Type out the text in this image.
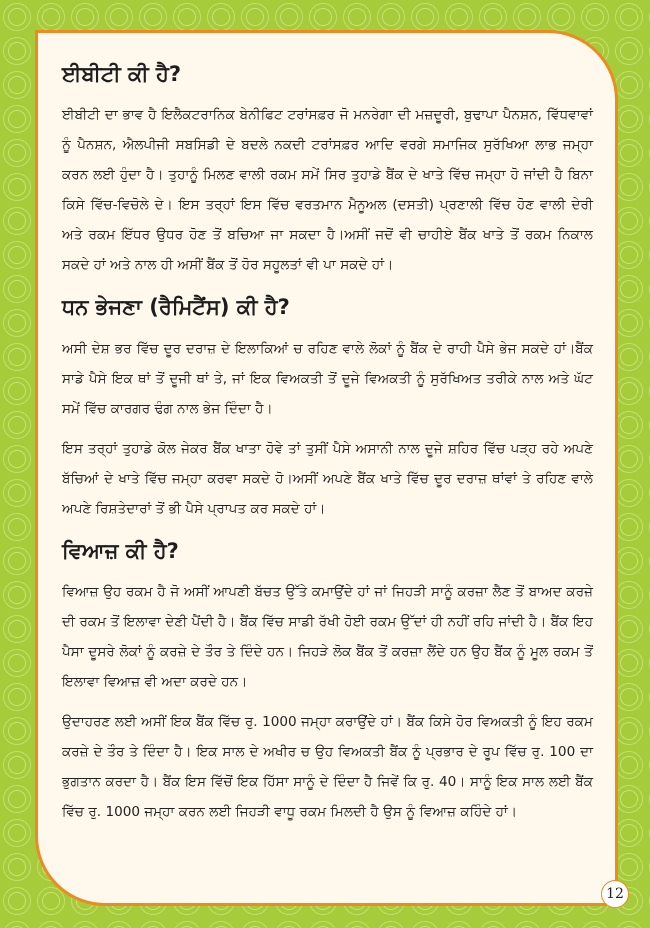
ਈਬੀਟੀ ਕੀ ਹੈ?

ਈਬੀਟੀ ਦਾ ਭਾਵ ਹੈ ਇਲੈਕਟਰਾਨਿਕ ਬੇਨੀਫਿਟ ਟਰਾਂਸਫ਼ਰ ਜੋ ਮਨਰੇਗਾ ਦੀ ਮਜ਼ਦੂਰੀ, ਬੁਢਾਪਾ ਪੈਨਸ਼ਨ, ਵਿੱਧਵਾਵਾਂ ਨੂੰ ਪੈਨਸ਼ਨ, ਐਲਪੀਜੀ ਸਬਸਿਡੀ ਦੇ ਬਦਲੇ ਨਕਦੀ ਟਰਾਂਸਫ਼ਰ ਆਦਿ ਵਰਗੇ ਸਮਾਜਿਕ ਸੁਰੱਖਿਆ ਲਾਭ ਜਮ੍ਹਾ ਕਰਨ ਲਈ ਹੁੰਦਾ ਹੈ। ਤੁਹਾਨੂੰ ਮਿਲਣ ਵਾਲੀ ਰਕਮ ਸਮੇਂ ਸਿਰ ਤੁਹਾਡੇ ਬੈਂਕ ਦੇ ਖਾਤੇ ਵਿੱਚ ਜਮ੍ਹਾ ਹੋ ਜਾਂਦੀ ਹੈ ਬਿਨਾ ਕਿਸੇ ਵਿੱਚ-ਵਿਚੋਲੇ ਦੇ। ਇਸ ਤਰ੍ਹਾਂ ਇਸ ਵਿੱਚ ਵਰਤਮਾਨ ਮੈਨੂਅਲ (ਦਸਤੀ) ਪ੍ਰਣਾਲੀ ਵਿੱਚ ਹੋਣ ਵਾਲੀ ਦੇਰੀ ਅਤੇ ਰਕਮ ਇੱਧਰ ਉਧਰ ਹੋਣ ਤੋਂ ਬਚਿਆ ਜਾ ਸਕਦਾ ਹੈ।ਅਸੀਂ ਜਦੋਂ ਵੀ ਚਾਹੀਏ ਬੈਂਕ ਖਾਤੇ ਤੋਂ ਰਕਮ ਨਿਕਾਲ ਸਕਦੇ ਹਾਂ ਅਤੇ ਨਾਲ ਹੀ ਅਸੀਂ ਬੈਂਕ ਤੋਂ ਹੋਰ ਸਹੂਲਤਾਂ ਵੀ ਪਾ ਸਕਦੇ ਹਾਂ।

ਧਨ ਭੇਜਣਾ (ਰੈਮਿਟੈਂਸ) ਕੀ ਹੈ?

ਅਸੀ ਦੇਸ਼ ਭਰ ਵਿੱਚ ਦੂਰ ਦਰਾਜ਼ ਦੇ ਇਲਾਕਿਆਂ ਚ ਰਹਿਣ ਵਾਲੇ ਲੋਕਾਂ ਨੂੰ ਬੈਂਕ ਦੇ ਰਾਹੀ ਪੈਸੇ ਭੇਜ ਸਕਦੇ ਹਾਂ।ਬੈਂਕ ਸਾਡੇ ਪੈਸੇ ਇਕ ਥਾਂ ਤੋਂ ਦੂਜੀ ਥਾਂ ਤੇ, ਜਾਂ ਇਕ ਵਿਅਕਤੀ ਤੋਂ ਦੂਜੇ ਵਿਅਕਤੀ ਨੂੰ ਸੁਰੱਖਿਅਤ ਤਰੀਕੇ ਨਾਲ ਅਤੇ ਘੱਟ ਸਮੇਂ ਵਿੱਚ ਕਾਰਗਰ ਢੰਗ ਨਾਲ ਭੇਜ ਦਿੰਦਾ ਹੈ।

ਇਸ ਤਰ੍ਹਾਂ ਤੁਹਾਡੇ ਕੋਲ ਜੇਕਰ ਬੈਂਕ ਖਾਤਾ ਹੋਵੇ ਤਾਂ ਤੁਸੀਂ ਪੈਸੇ ਅਸਾਨੀ ਨਾਲ ਦੂਜੇ ਸ਼ਹਿਰ ਵਿੱਚ ਪੜ੍ਹ ਰਹੇ ਅਪਣੇ ਬੱਚਿਆਂ ਦੇ ਖਾਤੇ ਵਿੱਚ ਜਮ੍ਹਾ ਕਰਵਾ ਸਕਦੇ ਹੋ।ਅਸੀਂ ਅਪਣੇ ਬੈਂਕ ਖਾਤੇ ਵਿੱਚ ਦੂਰ ਦਰਾਜ਼ ਥਾਂਵਾਂ ਤੇ ਰਹਿਣ ਵਾਲੇ ਅਪਣੇ ਰਿਸ਼ਤੇਦਾਰਾਂ ਤੋਂ ਭੀ ਪੈਸੇ ਪ੍ਰਾਪਤ ਕਰ ਸਕਦੇ ਹਾਂ।

ਵਿਆਜ਼ ਕੀ ਹੈ?

ਵਿਆਜ਼ ਉਹ ਰਕਮ ਹੈ ਜੋ ਅਸੀਂ ਆਪਣੀ ਬੱਚਤ ਉੱਤੇ ਕਮਾਉਂਦੇ ਹਾਂ ਜਾਂ ਜਿਹੜੀ ਸਾਨੂੰ ਕਰਜ਼ਾ ਲੈਣ ਤੋਂ ਬਾਅਦ ਕਰਜ਼ੇ ਦੀ ਰਕਮ ਤੋਂ ਇਲਾਵਾ ਦੇਣੀ ਪੈਂਦੀ ਹੈ। ਬੈਂਕ ਵਿੱਚ ਸਾਡੀ ਰੱਖੀ ਹੋਈ ਰਕਮ ਉੱਦਾਂ ਹੀ ਨਹੀਂ ਰਹਿ ਜਾਂਦੀ ਹੈ। ਬੈਂਕ ਇਹ ਪੈਸਾ ਦੂਸਰੇ ਲੋਕਾਂ ਨੂੰ ਕਰਜ਼ੇ ਦੇ ਤੌਰ ਤੇ ਦਿੰਦੇ ਹਨ। ਜਿਹੜੇ ਲੋਕ ਬੈਂਕ ਤੋਂ ਕਰਜ਼ਾ ਲੈਂਦੇ ਹਨ ਉਹ ਬੈਂਕ ਨੂੰ ਮੂਲ ਰਕਮ ਤੋਂ ਇਲਾਵਾ ਵਿਆਜ਼ ਵੀ ਅਦਾ ਕਰਦੇ ਹਨ।

ਉਦਾਹਰਣ ਲਈ ਅਸੀਂ ਇਕ ਬੈਂਕ ਵਿੱਚ ਰੁ. 1000 ਜਮ੍ਹਾ ਕਰਾਉਂਦੇ ਹਾਂ। ਬੈਂਕ ਕਿਸੇ ਹੋਰ ਵਿਅਕਤੀ ਨੂੰ ਇਹ ਰਕਮ ਕਰਜ਼ੇ ਦੇ ਤੌਰ ਤੇ ਦਿੰਦਾ ਹੈ। ਇਕ ਸਾਲ ਦੇ ਅਖੀਰ ਚ ਉਹ ਵਿਅਕਤੀ ਬੈਂਕ ਨੂੰ ਪ੍ਰਭਾਰ ਦੇ ਰੂਪ ਵਿੱਚ ਰੁ. 100 ਦਾ ਭੁਗਤਾਨ ਕਰਦਾ ਹੈ। ਬੈਂਕ ਇਸ ਵਿੱਚੋਂ ਇਕ ਹਿੱਸਾ ਸਾਨੂੰ ਦੇ ਦਿੰਦਾ ਹੈ ਜਿਵੇਂ ਕਿ ਰੁ. 40। ਸਾਨੂੰ ਇਕ ਸਾਲ ਲਈ ਬੈਂਕ ਵਿੱਚ ਰੁ. 1000 ਜਮ੍ਹਾ ਕਰਨ ਲਈ ਜਿਹੜੀ ਵਾਧੂ ਰਕਮ ਮਿਲਦੀ ਹੈ ਉਸ ਨੂੰ ਵਿਆਜ਼ ਕਹਿੰਦੇ ਹਾਂ।

12
